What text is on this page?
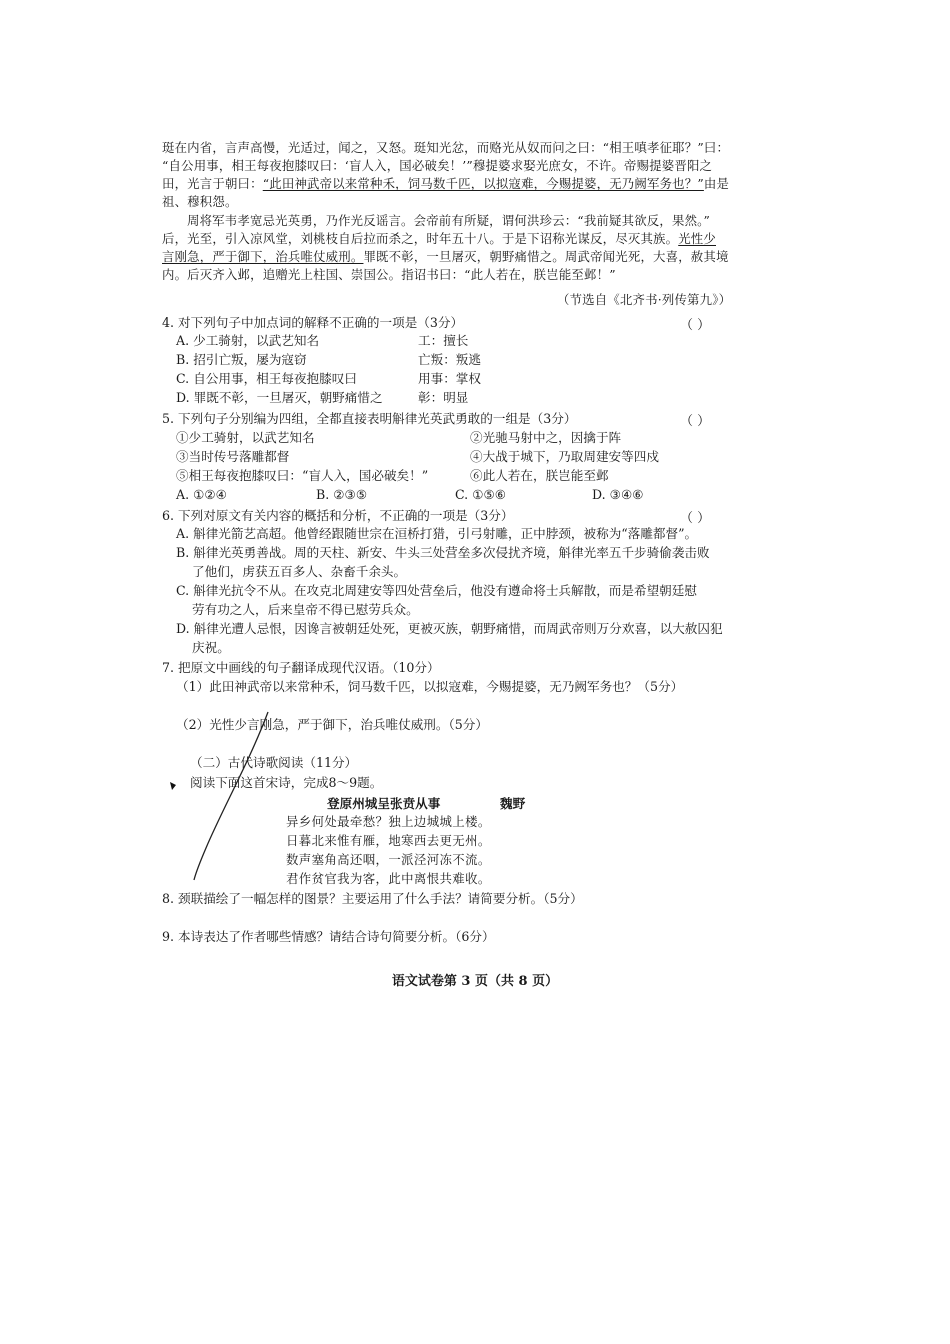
珽在内省，言声高慢，光适过，闻之，又怒。珽知光忿，而赂光从奴而问之曰：“相王嗔孝征耶？”曰：
“自公用事，相王每夜抱膝叹曰：‘盲人入，国必破矣！’”穆提婆求娶光庶女，不许。帝赐提婆晋阳之
田，光言于朝曰：“此田神武帝以来常种禾，饲马数千匹，以拟寇难，今赐提婆，无乃阙军务也？”由是
祖、穆积怨。
周将军韦孝宽忌光英勇，乃作光反谣言。会帝前有所疑，谓何洪珍云：“我前疑其欲反，果然。”
后，光至，引入凉风堂，刘桃枝自后拉而杀之，时年五十八。于是下诏称光谋反，尽灭其族。光性少
言刚急，严于御下，治兵唯仗威刑。罪既不彰，一旦屠灭，朝野痛惜之。周武帝闻光死，大喜，赦其境
内。后灭齐入邺，追赠光上柱国、崇国公。指诏书曰：“此人若在，朕岂能至邺！”
（节选自《北齐书·列传第九》）
4. 对下列句子中加点词的解释不正确的一项是（3分）	（ ）
A. 少工骑射，以武艺知名	工：擅长
B. 招引亡叛，屡为寇窃	亡叛：叛逃
C. 自公用事，相王每夜抱膝叹曰	用事：掌权
D. 罪既不彰，一旦屠灭，朝野痛惜之	彰：明显
5. 下列句子分别编为四组，全都直接表明斛律光英武勇敢的一组是（3分）	（ ）
①少工骑射，以武艺知名	②光驰马射中之，因擒于阵
③当时传号落雕都督	④大战于城下，乃取周建安等四戍
⑤相王每夜抱膝叹曰：“盲人入，国必破矣！”	⑥此人若在，朕岂能至邺
A. ①②④	B. ②③⑤	C. ①⑤⑥	D. ③④⑥
6. 下列对原文有关内容的概括和分析，不正确的一项是（3分）	（ ）
A. 斛律光箭艺高超。他曾经跟随世宗在洹桥打猎，引弓射雕，正中脖颈，被称为“落雕都督”。
B. 斛律光英勇善战。周的天柱、新安、牛头三处营垒多次侵扰齐境，斛律光率五千步骑偷袭击败
了他们，虏获五百多人、杂畜千余头。
C. 斛律光抗令不从。在攻克北周建安等四处营垒后，他没有遵命将士兵解散，而是希望朝廷慰
劳有功之人，后来皇帝不得已慰劳兵众。
D. 斛律光遭人忌恨，因谗言被朝廷处死，更被灭族，朝野痛惜，而周武帝则万分欢喜，以大赦囚犯
庆祝。
7. 把原文中画线的句子翻译成现代汉语。（10分）
（1）此田神武帝以来常种禾，饲马数千匹，以拟寇难，今赐提婆，无乃阙军务也？（5分）
（2）光性少言刚急，严于御下，治兵唯仗威刑。（5分）
（二）古代诗歌阅读（11分）
阅读下面这首宋诗，完成8～9题。
登原州城呈张贲从事	魏野
异乡何处最牵愁？独上边城城上楼。
日暮北来惟有雁，地寒西去更无州。
数声塞角高还咽，一派泾河冻不流。
君作贫官我为客，此中离恨共难收。
8. 颈联描绘了一幅怎样的图景？主要运用了什么手法？请简要分析。（5分）
9. 本诗表达了作者哪些情感？请结合诗句简要分析。（6分）
语文试卷第 3 页（共 8 页）
